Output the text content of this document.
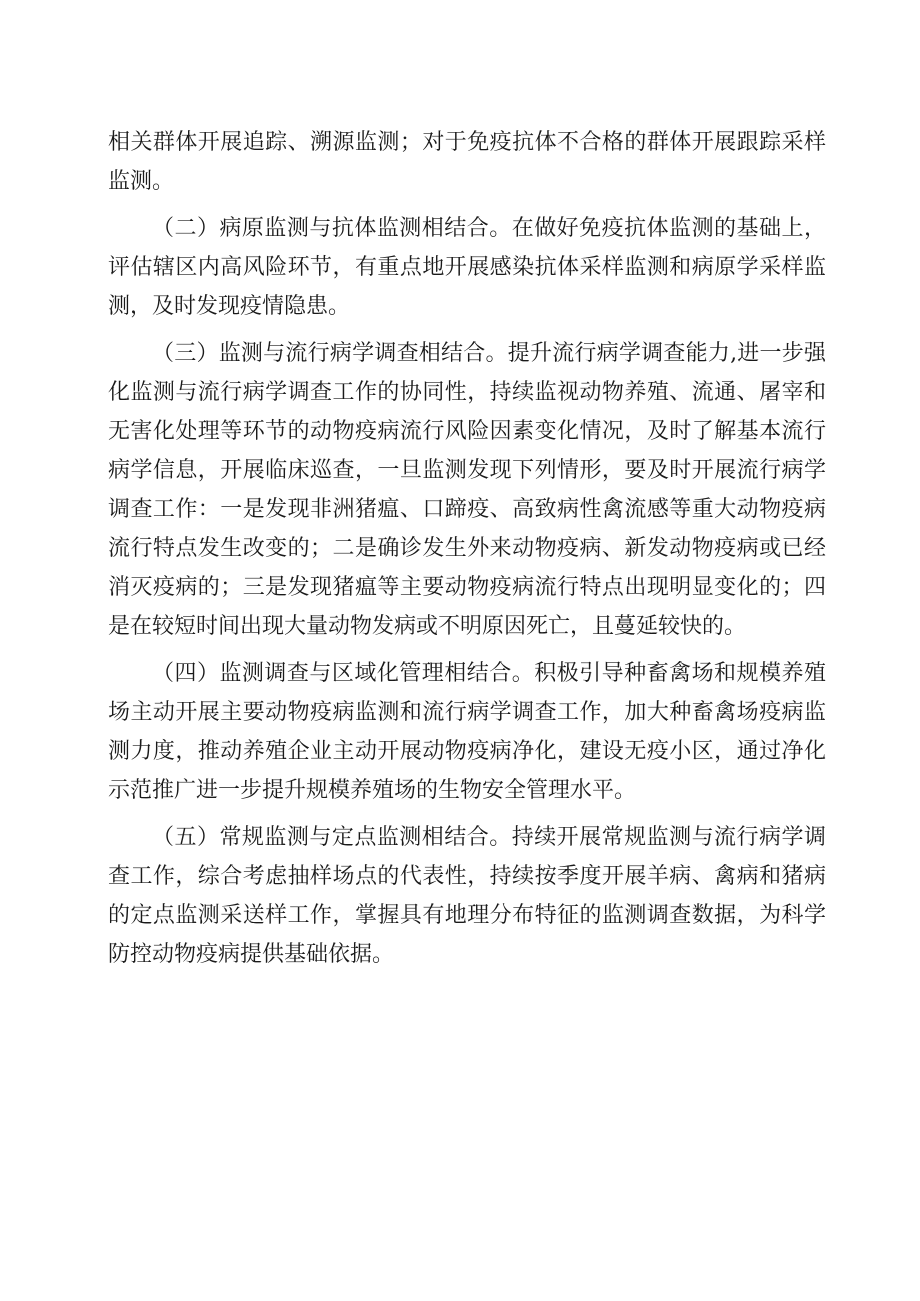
相关群体开展追踪、溯源监测；对于免疫抗体不合格的群体开展跟踪采样监测。

（二）病原监测与抗体监测相结合。在做好免疫抗体监测的基础上，评估辖区内高风险环节，有重点地开展感染抗体采样监测和病原学采样监测，及时发现疫情隐患。

（三）监测与流行病学调查相结合。提升流行病学调查能力,进一步强化监测与流行病学调查工作的协同性，持续监视动物养殖、流通、屠宰和无害化处理等环节的动物疫病流行风险因素变化情况，及时了解基本流行病学信息，开展临床巡查，一旦监测发现下列情形，要及时开展流行病学调查工作：一是发现非洲猪瘟、口蹄疫、高致病性禽流感等重大动物疫病流行特点发生改变的；二是确诊发生外来动物疫病、新发动物疫病或已经消灭疫病的；三是发现猪瘟等主要动物疫病流行特点出现明显变化的；四是在较短时间出现大量动物发病或不明原因死亡，且蔓延较快的。

（四）监测调查与区域化管理相结合。积极引导种畜禽场和规模养殖场主动开展主要动物疫病监测和流行病学调查工作，加大种畜禽场疫病监测力度，推动养殖企业主动开展动物疫病净化，建设无疫小区，通过净化示范推广进一步提升规模养殖场的生物安全管理水平。

（五）常规监测与定点监测相结合。持续开展常规监测与流行病学调查工作，综合考虑抽样场点的代表性，持续按季度开展羊病、禽病和猪病的定点监测采送样工作，掌握具有地理分布特征的监测调查数据，为科学防控动物疫病提供基础依据。
